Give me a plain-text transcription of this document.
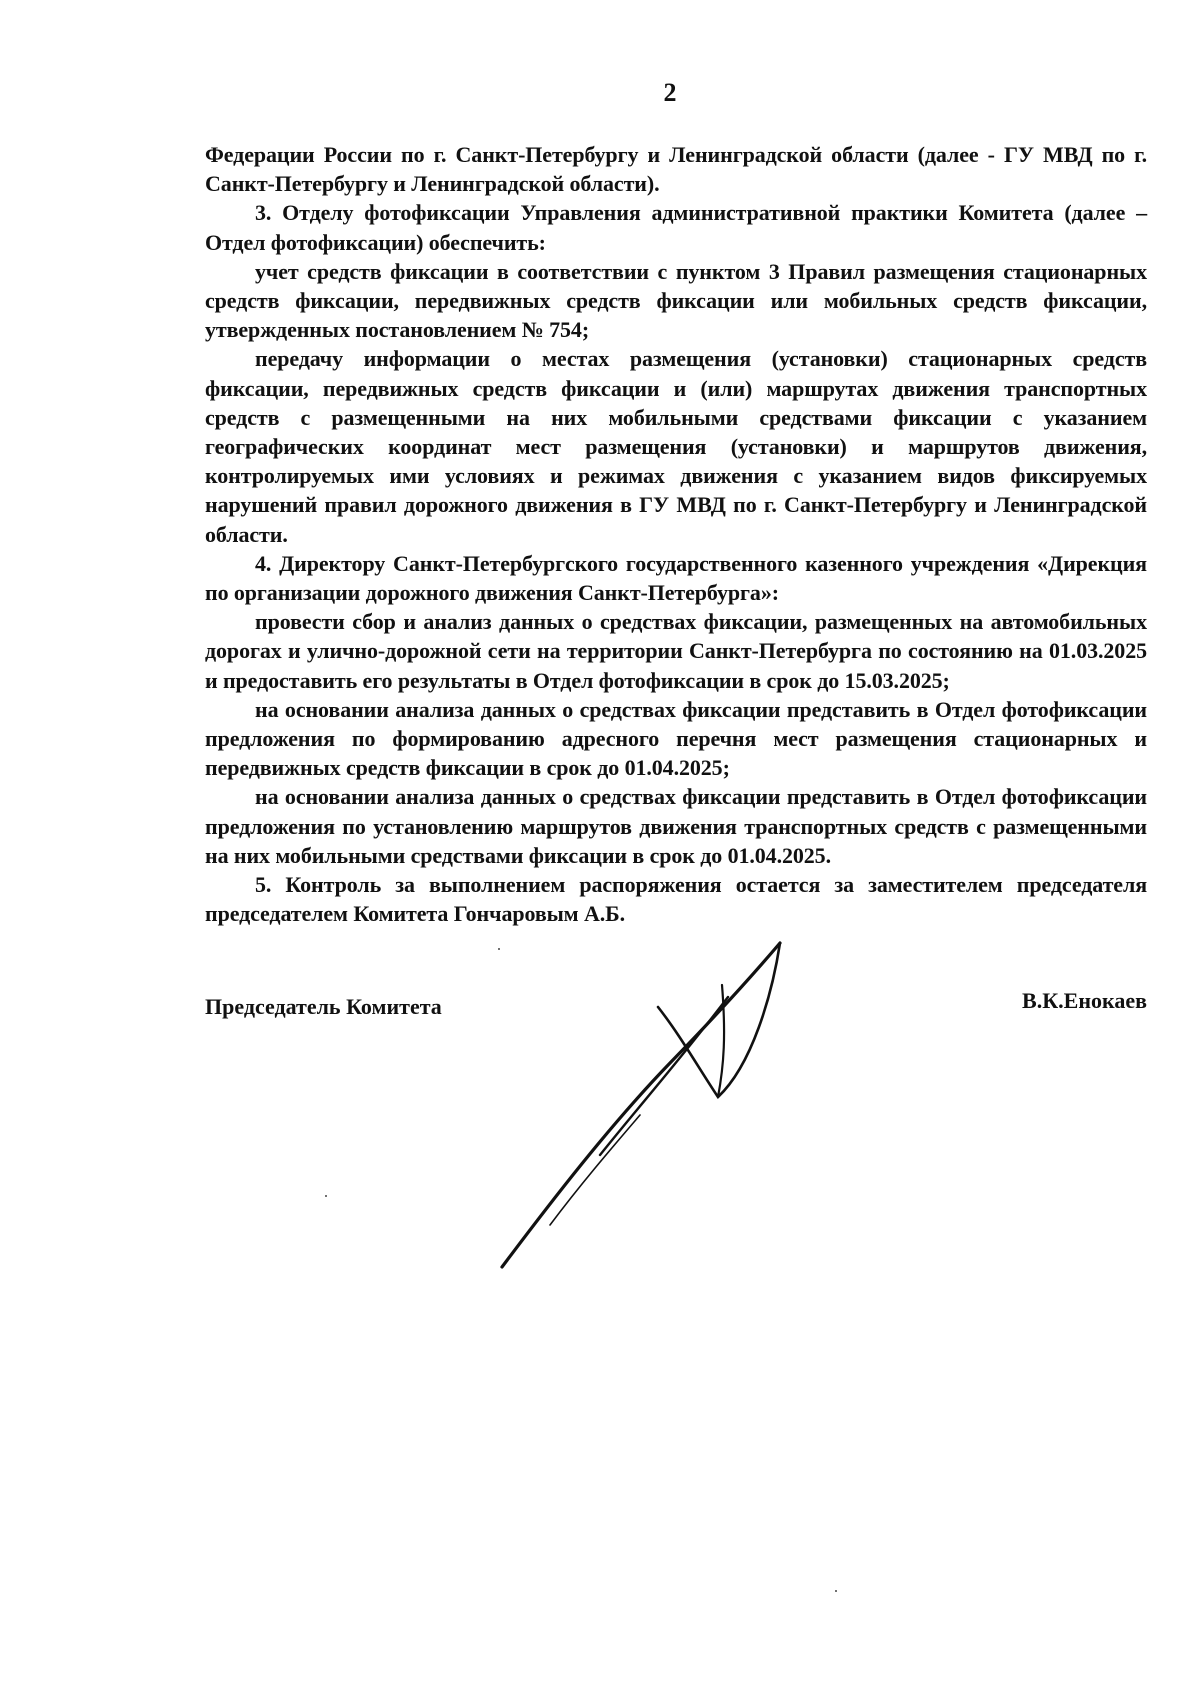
2

Федерации России по г. Санкт-Петербургу и Ленинградской области (далее - ГУ МВД по г. Санкт-Петербургу и Ленинградской области).

3. Отделу фотофиксации Управления административной практики Комитета (далее – Отдел фотофиксации) обеспечить:

учет средств фиксации в соответствии с пунктом 3 Правил размещения стационарных средств фиксации, передвижных средств фиксации или мобильных средств фиксации, утвержденных постановлением № 754;

передачу информации о местах размещения (установки) стационарных средств фиксации, передвижных средств фиксации и (или) маршрутах движения транспортных средств с размещенными на них мобильными средствами фиксации с указанием географических координат мест размещения (установки) и маршрутов движения, контролируемых ими условиях и режимах движения с указанием видов фиксируемых нарушений правил дорожного движения в ГУ МВД по г. Санкт-Петербургу и Ленинградской области.

4. Директору Санкт-Петербургского государственного казенного учреждения «Дирекция по организации дорожного движения Санкт-Петербурга»:

провести сбор и анализ данных о средствах фиксации, размещенных на автомобильных дорогах и улично-дорожной сети на территории Санкт-Петербурга по состоянию на 01.03.2025 и предоставить его результаты в Отдел фотофиксации в срок до 15.03.2025;

на основании анализа данных о средствах фиксации представить в Отдел фотофиксации предложения по формированию адресного перечня мест размещения стационарных и передвижных средств фиксации в срок до 01.04.2025;

на основании анализа данных о средствах фиксации представить в Отдел фотофиксации предложения по установлению маршрутов движения транспортных средств с размещенными на них мобильными средствами фиксации в срок до 01.04.2025.

5. Контроль за выполнением распоряжения остается за заместителем председателя председателем Комитета Гончаровым А.Б.

Председатель Комитета	В.К.Енокаев
